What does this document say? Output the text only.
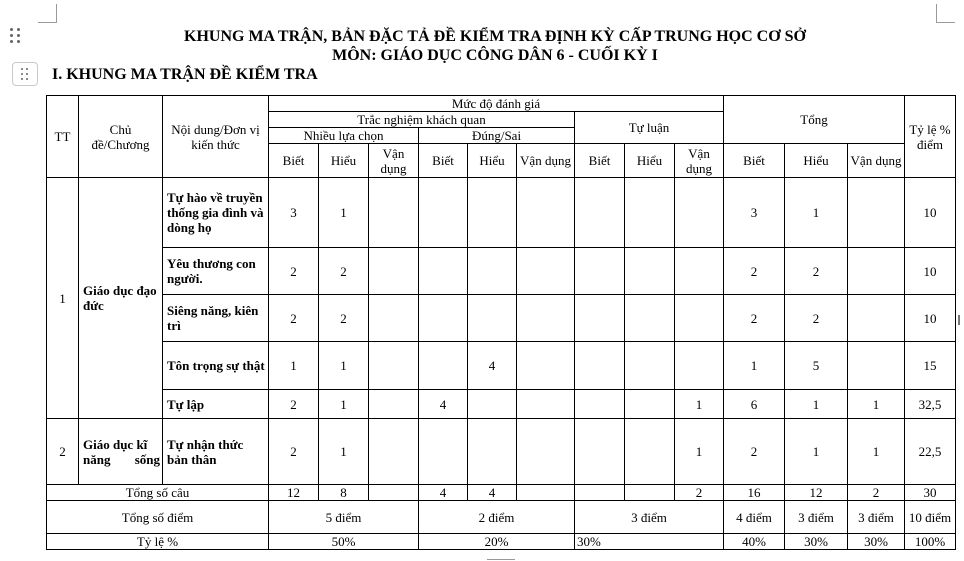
KHUNG MA TRẬN, BẢN ĐẶC TẢ ĐỀ KIỂM TRA ĐỊNH KỲ CẤP TRUNG HỌC CƠ SỞ
MÔN: GIÁO DỤC CÔNG DÂN 6 - CUỐI KỲ I
I. KHUNG MA TRẬN ĐỀ KIỂM TRA
TT	Chủ đề/Chương	Nội dung/Đơn vị kiến thức	Mức độ đánh giá									Tổng			Tỷ lệ % điểm
			Trắc nghiệm khách quan						Tự luận						
			Nhiều lựa chọn			Đúng/Sai									
			Biết	Hiểu	Vận dụng	Biết	Hiểu	Vận dụng	Biết	Hiểu	Vận dụng	Biết	Hiểu	Vận dụng	
1	Giáo dục đạo đức	Tự hào về truyền thống gia đình và dòng họ	3	1								3	1		10
		Yêu thương con người.	2	2								2	2		10
		Siêng năng, kiên trì	2	2								2	2		10
		Tôn trọng sự thật	1	1			4					1	5		15
		Tự lập	2	1		4					1	6	1	1	32,5
2	Giáo dục kĩ năng sống	Tự nhận thức bản thân	2	1							1	2	1	1	22,5
Tổng số câu			12	8		4	4				2	16	12	2	30
Tổng số điểm			5 điểm			2 điểm			3 điểm			4 điểm	3 điểm	3 điểm	10 điểm
Tỷ lệ %			50%			20%			30%			40%	30%	30%	100%
